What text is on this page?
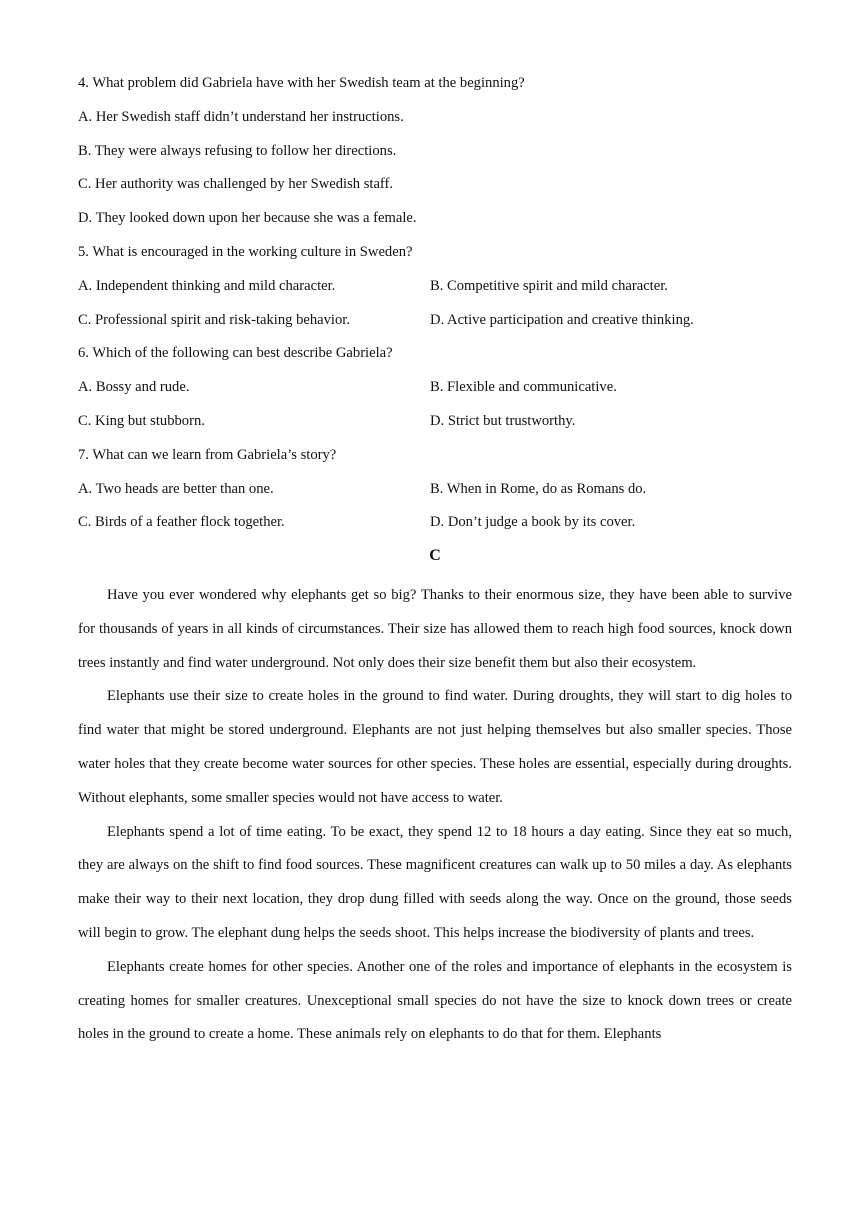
4. What problem did Gabriela have with her Swedish team at the beginning?
A. Her Swedish staff didn’t understand her instructions.
B. They were always refusing to follow her directions.
C. Her authority was challenged by her Swedish staff.
D. They looked down upon her because she was a female.
5. What is encouraged in the working culture in Sweden?
A. Independent thinking and mild character.	B. Competitive spirit and mild character.
C. Professional spirit and risk-taking behavior.	D. Active participation and creative thinking.
6. Which of the following can best describe Gabriela?
A. Bossy and rude.	B. Flexible and communicative.
C. King but stubborn.	D. Strict but trustworthy.
7. What can we learn from Gabriela’s story?
A. Two heads are better than one.	B. When in Rome, do as Romans do.
C. Birds of a feather flock together.	D. Don’t judge a book by its cover.
C

Have you ever wondered why elephants get so big? Thanks to their enormous size, they have been able to survive for thousands of years in all kinds of circumstances. Their size has allowed them to reach high food sources, knock down trees instantly and find water underground. Not only does their size benefit them but also their ecosystem.

Elephants use their size to create holes in the ground to find water. During droughts, they will start to dig holes to find water that might be stored underground. Elephants are not just helping themselves but also smaller species. Those water holes that they create become water sources for other species. These holes are essential, especially during droughts. Without elephants, some smaller species would not have access to water.

Elephants spend a lot of time eating. To be exact, they spend 12 to 18 hours a day eating. Since they eat so much, they are always on the shift to find food sources. These magnificent creatures can walk up to 50 miles a day. As elephants make their way to their next location, they drop dung filled with seeds along the way. Once on the ground, those seeds will begin to grow. The elephant dung helps the seeds shoot. This helps increase the biodiversity of plants and trees.

Elephants create homes for other species. Another one of the roles and importance of elephants in the ecosystem is creating homes for smaller creatures. Unexceptional small species do not have the size to knock down trees or create holes in the ground to create a home. These animals rely on elephants to do that for them. Elephants
